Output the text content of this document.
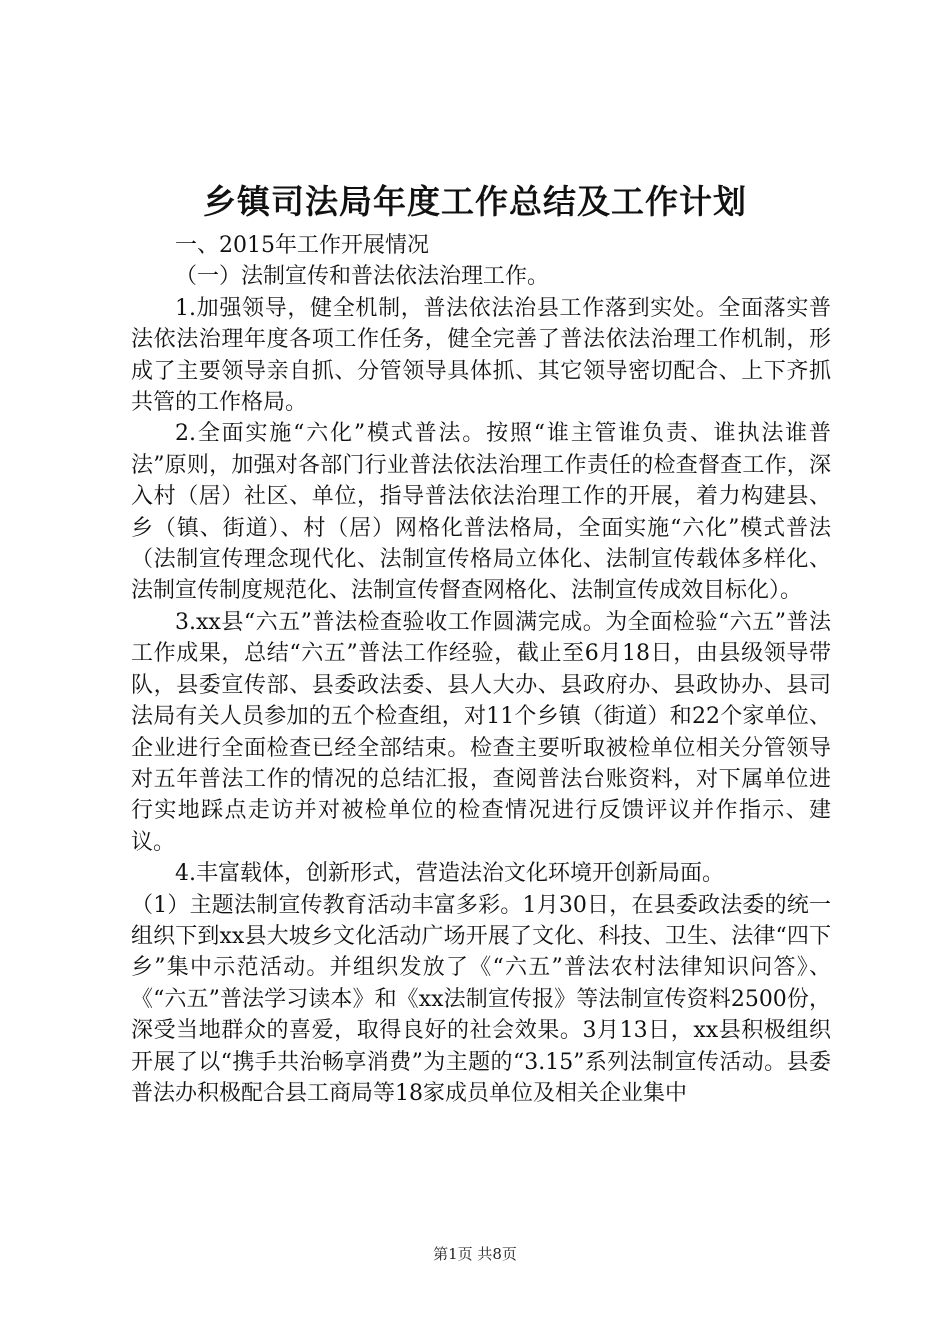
乡镇司法局年度工作总结及工作计划

一、2015年工作开展情况

（一）法制宣传和普法依法治理工作。

1.加强领导，健全机制，普法依法治县工作落到实处。全面落实普法依法治理年度各项工作任务，健全完善了普法依法治理工作机制，形成了主要领导亲自抓、分管领导具体抓、其它领导密切配合、上下齐抓共管的工作格局。

2.全面实施“六化”模式普法。按照“谁主管谁负责、谁执法谁普法”原则，加强对各部门行业普法依法治理工作责任的检查督查工作，深入村（居）社区、单位，指导普法依法治理工作的开展，着力构建县、乡（镇、街道）、村（居）网格化普法格局，全面实施“六化”模式普法（法制宣传理念现代化、法制宣传格局立体化、法制宣传载体多样化、法制宣传制度规范化、法制宣传督查网格化、法制宣传成效目标化）。

3.xx县“六五”普法检查验收工作圆满完成。为全面检验“六五”普法工作成果，总结“六五”普法工作经验，截止至6月18日，由县级领导带队，县委宣传部、县委政法委、县人大办、县政府办、县政协办、县司法局有关人员参加的五个检查组，对11个乡镇（街道）和22个家单位、企业进行全面检查已经全部结束。检查主要听取被检单位相关分管领导对五年普法工作的情况的总结汇报，查阅普法台账资料，对下属单位进行实地踩点走访并对被检单位的检查情况进行反馈评议并作指示、建议。

4.丰富载体，创新形式，营造法治文化环境开创新局面。

（1）主题法制宣传教育活动丰富多彩。1月30日，在县委政法委的统一组织下到xx县大坡乡文化活动广场开展了文化、科技、卫生、法律“四下乡”集中示范活动。并组织发放了《“六五”普法农村法律知识问答》、《“六五”普法学习读本》和《xx法制宣传报》等法制宣传资料2500份，深受当地群众的喜爱，取得良好的社会效果。3月13日，xx县积极组织开展了以“携手共治畅享消费”为主题的“3.15”系列法制宣传活动。县委普法办积极配合县工商局等18家成员单位及相关企业集中

第1页 共8页
